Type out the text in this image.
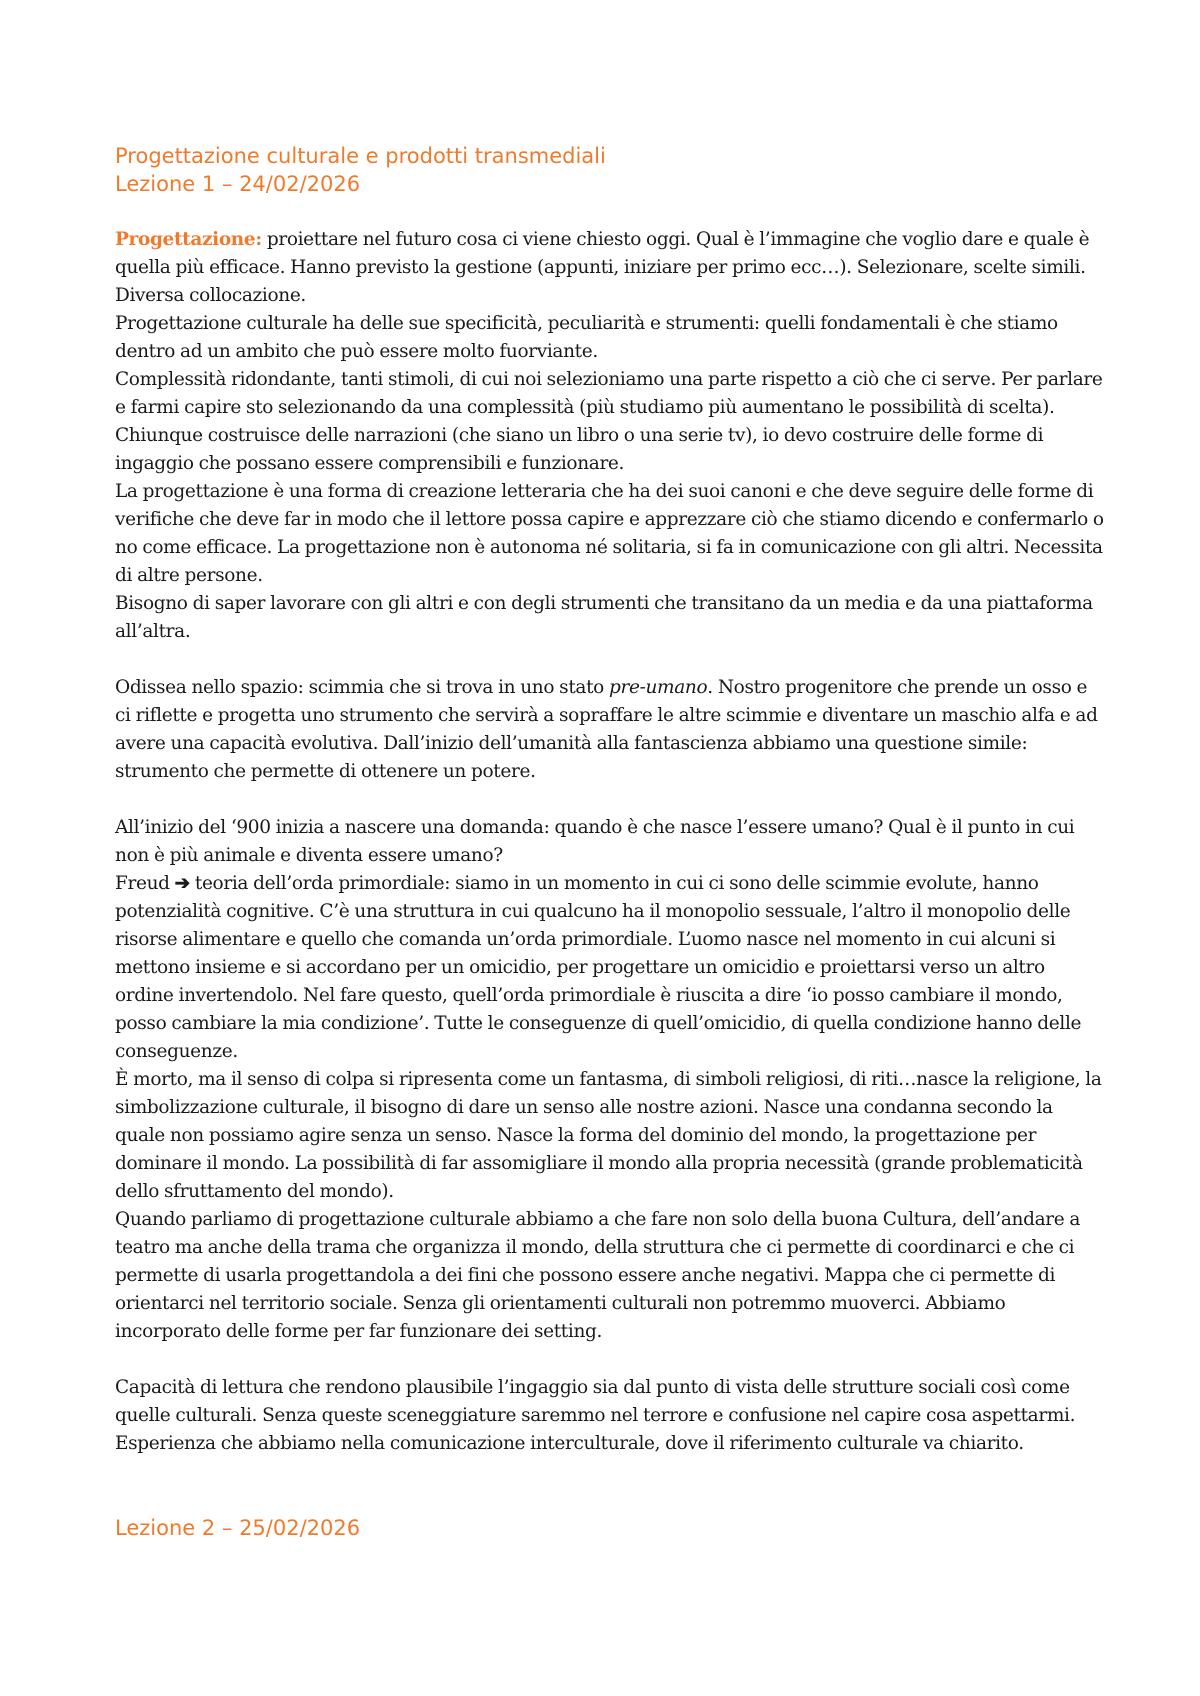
Progettazione culturale e prodotti transmediali
Lezione 1 – 24/02/2026

Progettazione: proiettare nel futuro cosa ci viene chiesto oggi. Qual è l’immagine che voglio dare e quale è quella più efficace. Hanno previsto la gestione (appunti, iniziare per primo ecc…). Selezionare, scelte simili. Diversa collocazione.

Progettazione culturale ha delle sue specificità, peculiarità e strumenti: quelli fondamentali è che stiamo dentro ad un ambito che può essere molto fuorviante.

Complessità ridondante, tanti stimoli, di cui noi selezioniamo una parte rispetto a ciò che ci serve. Per parlare e farmi capire sto selezionando da una complessità (più studiamo più aumentano le possibilità di scelta). Chiunque costruisce delle narrazioni (che siano un libro o una serie tv), io devo costruire delle forme di ingaggio che possano essere comprensibili e funzionare.

La progettazione è una forma di creazione letteraria che ha dei suoi canoni e che deve seguire delle forme di verifiche che deve far in modo che il lettore possa capire e apprezzare ciò che stiamo dicendo e confermarlo o no come efficace. La progettazione non è autonoma né solitaria, si fa in comunicazione con gli altri. Necessita di altre persone.

Bisogno di saper lavorare con gli altri e con degli strumenti che transitano da un media e da una piattaforma all’altra.

Odissea nello spazio: scimmia che si trova in uno stato pre-umano. Nostro progenitore che prende un osso e ci riflette e progetta uno strumento che servirà a sopraffare le altre scimmie e diventare un maschio alfa e ad avere una capacità evolutiva. Dall’inizio dell’umanità alla fantascienza abbiamo una questione simile: strumento che permette di ottenere un potere.

All’inizio del ‘900 inizia a nascere una domanda: quando è che nasce l’essere umano? Qual è il punto in cui non è più animale e diventa essere umano?

Freud ➔ teoria dell’orda primordiale: siamo in un momento in cui ci sono delle scimmie evolute, hanno potenzialità cognitive. C’è una struttura in cui qualcuno ha il monopolio sessuale, l’altro il monopolio delle risorse alimentare e quello che comanda un’orda primordiale. L’uomo nasce nel momento in cui alcuni si mettono insieme e si accordano per un omicidio, per progettare un omicidio e proiettarsi verso un altro ordine invertendolo. Nel fare questo, quell’orda primordiale è riuscita a dire ‘io posso cambiare il mondo, posso cambiare la mia condizione’. Tutte le conseguenze di quell’omicidio, di quella condizione hanno delle conseguenze.

È morto, ma il senso di colpa si ripresenta come un fantasma, di simboli religiosi, di riti…nasce la religione, la simbolizzazione culturale, il bisogno di dare un senso alle nostre azioni. Nasce una condanna secondo la quale non possiamo agire senza un senso. Nasce la forma del dominio del mondo, la progettazione per dominare il mondo. La possibilità di far assomigliare il mondo alla propria necessità (grande problematicità dello sfruttamento del mondo).

Quando parliamo di progettazione culturale abbiamo a che fare non solo della buona Cultura, dell’andare a teatro ma anche della trama che organizza il mondo, della struttura che ci permette di coordinarci e che ci permette di usarla progettandola a dei fini che possono essere anche negativi. Mappa che ci permette di orientarci nel territorio sociale. Senza gli orientamenti culturali non potremmo muoverci. Abbiamo incorporato delle forme per far funzionare dei setting.

Capacità di lettura che rendono plausibile l’ingaggio sia dal punto di vista delle strutture sociali così come quelle culturali. Senza queste sceneggiature saremmo nel terrore e confusione nel capire cosa aspettarmi. Esperienza che abbiamo nella comunicazione interculturale, dove il riferimento culturale va chiarito.

Lezione 2 – 25/02/2026
